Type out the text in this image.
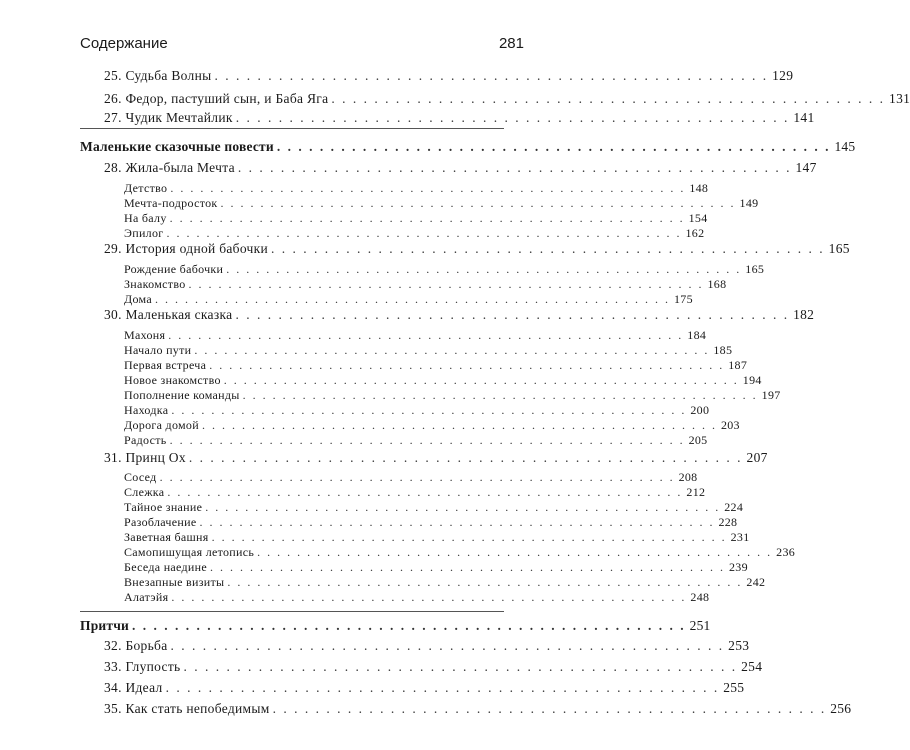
Содержание	281
25. Судьба Волны . . . . . . . . . . . . . . . . . . . . . . . . . . . . . . . . . . . . . . . . . . . . . . . . . . . . 129
26. Федор, пастуший сын, и Баба Яга . . . . . . . . . . . . . . . . . . . . . . . . . . . . . . . . . . . . . . . . . . . . . . . . . . . . 131
27. Чудик Мечтайлик . . . . . . . . . . . . . . . . . . . . . . . . . . . . . . . . . . . . . . . . . . . . . . . . . . . . 141
Маленькие сказочные повести . . . . . . . . . . . . . . . . . . . . . . . . . . . . . . . . . . . . . . . . . . . . . . . . . . . . 145
28. Жила-была Мечта . . . . . . . . . . . . . . . . . . . . . . . . . . . . . . . . . . . . . . . . . . . . . . . . . . . . 147
Детство . . . . . . . . . . . . . . . . . . . . . . . . . . . . . . . . . . . . . . . . . . . . . . . . . . . . 148
Мечта-подросток . . . . . . . . . . . . . . . . . . . . . . . . . . . . . . . . . . . . . . . . . . . . . . . . . . . . 149
На балу . . . . . . . . . . . . . . . . . . . . . . . . . . . . . . . . . . . . . . . . . . . . . . . . . . . . 154
Эпилог . . . . . . . . . . . . . . . . . . . . . . . . . . . . . . . . . . . . . . . . . . . . . . . . . . . . 162
29. История одной бабочки . . . . . . . . . . . . . . . . . . . . . . . . . . . . . . . . . . . . . . . . . . . . . . . . . . . . 165
Рождение бабочки . . . . . . . . . . . . . . . . . . . . . . . . . . . . . . . . . . . . . . . . . . . . . . . . . . . . 165
Знакомство . . . . . . . . . . . . . . . . . . . . . . . . . . . . . . . . . . . . . . . . . . . . . . . . . . . . 168
Дома . . . . . . . . . . . . . . . . . . . . . . . . . . . . . . . . . . . . . . . . . . . . . . . . . . . . 175
30. Маленькая сказка . . . . . . . . . . . . . . . . . . . . . . . . . . . . . . . . . . . . . . . . . . . . . . . . . . . . 182
Махоня . . . . . . . . . . . . . . . . . . . . . . . . . . . . . . . . . . . . . . . . . . . . . . . . . . . . 184
Начало пути . . . . . . . . . . . . . . . . . . . . . . . . . . . . . . . . . . . . . . . . . . . . . . . . . . . . 185
Первая встреча . . . . . . . . . . . . . . . . . . . . . . . . . . . . . . . . . . . . . . . . . . . . . . . . . . . . 187
Новое знакомство . . . . . . . . . . . . . . . . . . . . . . . . . . . . . . . . . . . . . . . . . . . . . . . . . . . . 194
Пополнение команды . . . . . . . . . . . . . . . . . . . . . . . . . . . . . . . . . . . . . . . . . . . . . . . . . . . . 197
Находка . . . . . . . . . . . . . . . . . . . . . . . . . . . . . . . . . . . . . . . . . . . . . . . . . . . . 200
Дорога домой . . . . . . . . . . . . . . . . . . . . . . . . . . . . . . . . . . . . . . . . . . . . . . . . . . . . 203
Радость . . . . . . . . . . . . . . . . . . . . . . . . . . . . . . . . . . . . . . . . . . . . . . . . . . . . 205
31. Принц Ох . . . . . . . . . . . . . . . . . . . . . . . . . . . . . . . . . . . . . . . . . . . . . . . . . . . . 207
Сосед . . . . . . . . . . . . . . . . . . . . . . . . . . . . . . . . . . . . . . . . . . . . . . . . . . . . 208
Слежка . . . . . . . . . . . . . . . . . . . . . . . . . . . . . . . . . . . . . . . . . . . . . . . . . . . . 212
Тайное знание . . . . . . . . . . . . . . . . . . . . . . . . . . . . . . . . . . . . . . . . . . . . . . . . . . . . 224
Разоблачение . . . . . . . . . . . . . . . . . . . . . . . . . . . . . . . . . . . . . . . . . . . . . . . . . . . . 228
Заветная башня . . . . . . . . . . . . . . . . . . . . . . . . . . . . . . . . . . . . . . . . . . . . . . . . . . . . 231
Самопишущая летопись . . . . . . . . . . . . . . . . . . . . . . . . . . . . . . . . . . . . . . . . . . . . . . . . . . . . 236
Беседа наедине . . . . . . . . . . . . . . . . . . . . . . . . . . . . . . . . . . . . . . . . . . . . . . . . . . . . 239
Внезапные визиты . . . . . . . . . . . . . . . . . . . . . . . . . . . . . . . . . . . . . . . . . . . . . . . . . . . . 242
Алатэйя . . . . . . . . . . . . . . . . . . . . . . . . . . . . . . . . . . . . . . . . . . . . . . . . . . . . 248
Притчи . . . . . . . . . . . . . . . . . . . . . . . . . . . . . . . . . . . . . . . . . . . . . . . . . . . . 251
32. Борьба . . . . . . . . . . . . . . . . . . . . . . . . . . . . . . . . . . . . . . . . . . . . . . . . . . . . 253
33. Глупость . . . . . . . . . . . . . . . . . . . . . . . . . . . . . . . . . . . . . . . . . . . . . . . . . . . . 254
34. Идеал . . . . . . . . . . . . . . . . . . . . . . . . . . . . . . . . . . . . . . . . . . . . . . . . . . . . 255
35. Как стать непобедимым . . . . . . . . . . . . . . . . . . . . . . . . . . . . . . . . . . . . . . . . . . . . . . . . . . . . 256
